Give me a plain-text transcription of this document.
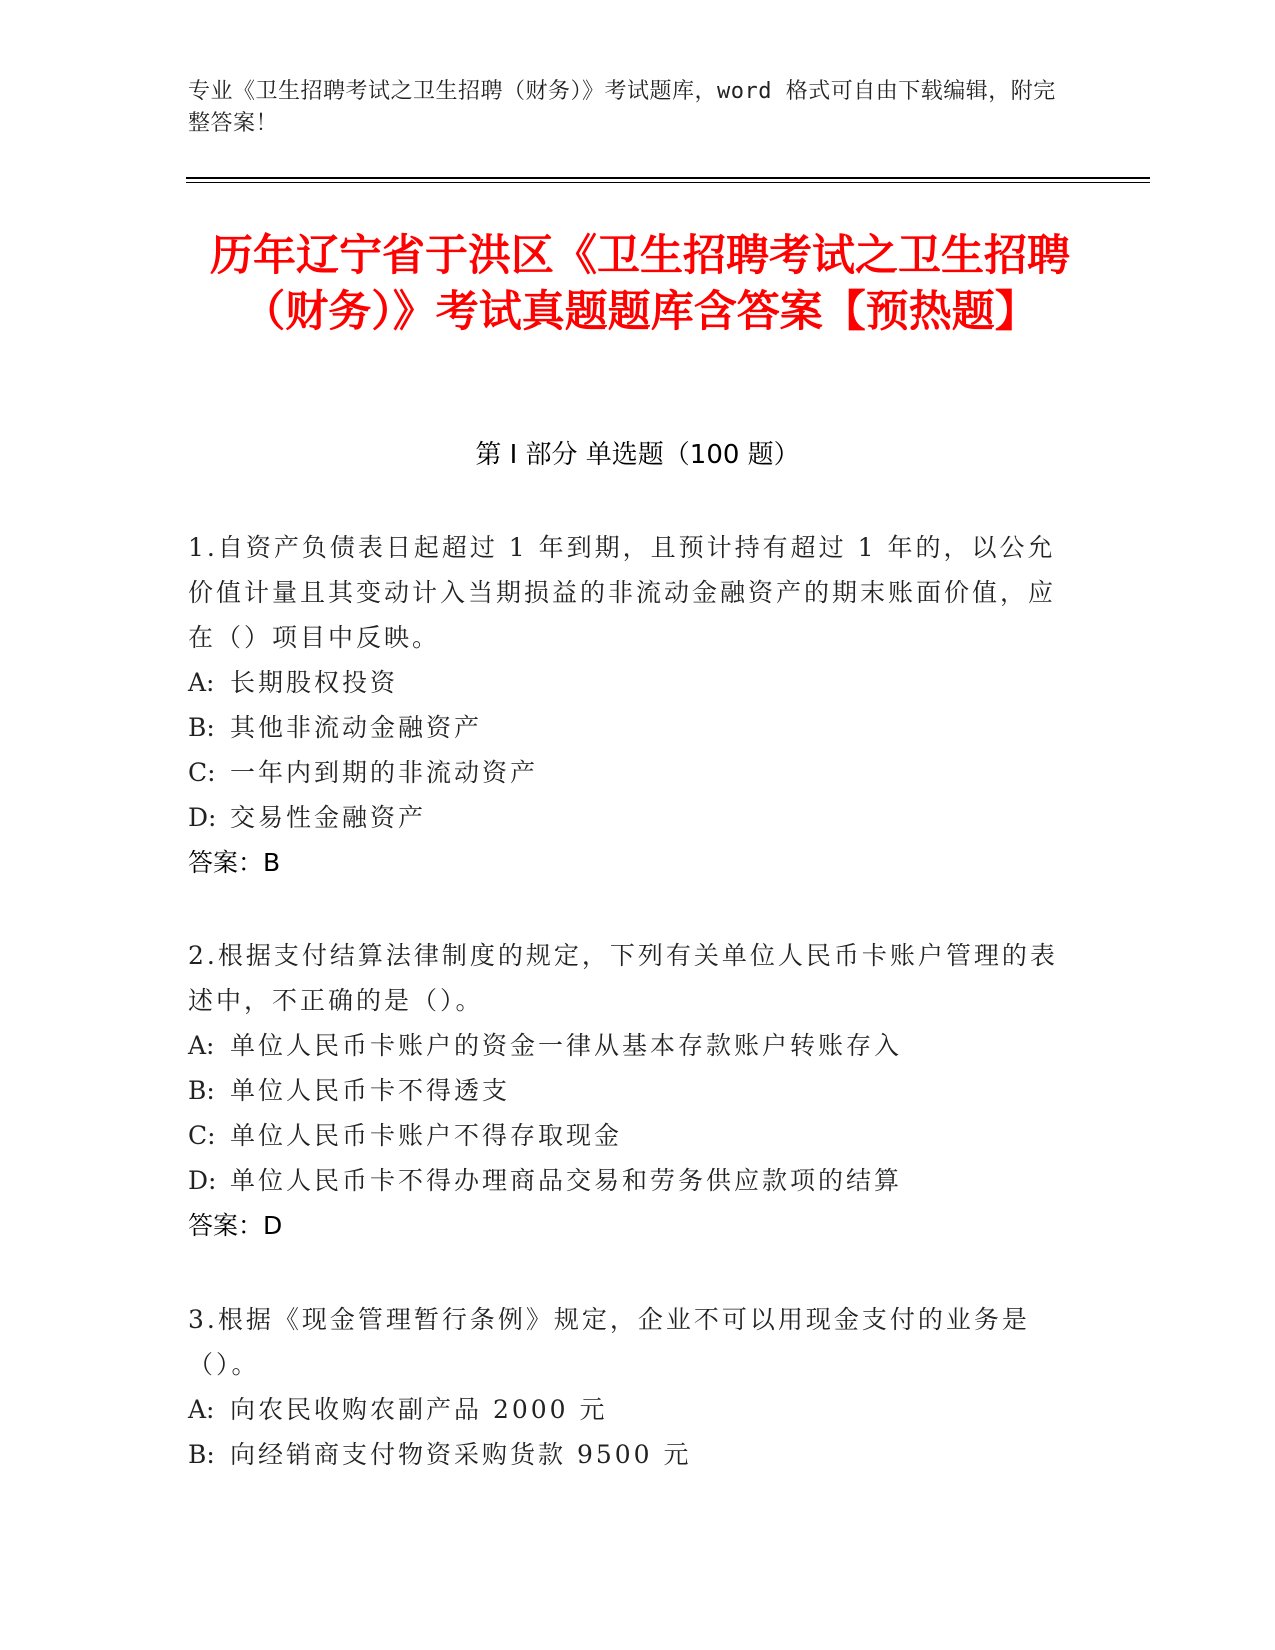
专业《卫生招聘考试之卫生招聘（财务）》考试题库，word 格式可自由下载编辑，附完整答案！
历年辽宁省于洪区《卫生招聘考试之卫生招聘（财务）》考试真题题库含答案【预热题】
第 I 部分 单选题（100 题）
1.自资产负债表日起超过 1 年到期，且预计持有超过 1 年的，以公允价值计量且其变动计入当期损益的非流动金融资产的期末账面价值，应在（）项目中反映。
A: 长期股权投资
B: 其他非流动金融资产
C: 一年内到期的非流动资产
D: 交易性金融资产
答案：B
2.根据支付结算法律制度的规定，下列有关单位人民币卡账户管理的表述中，不正确的是（）。
A: 单位人民币卡账户的资金一律从基本存款账户转账存入
B: 单位人民币卡不得透支
C: 单位人民币卡账户不得存取现金
D: 单位人民币卡不得办理商品交易和劳务供应款项的结算
答案：D
3.根据《现金管理暂行条例》规定，企业不可以用现金支付的业务是（）。
A: 向农民收购农副产品 2000 元
B: 向经销商支付物资采购货款 9500 元
